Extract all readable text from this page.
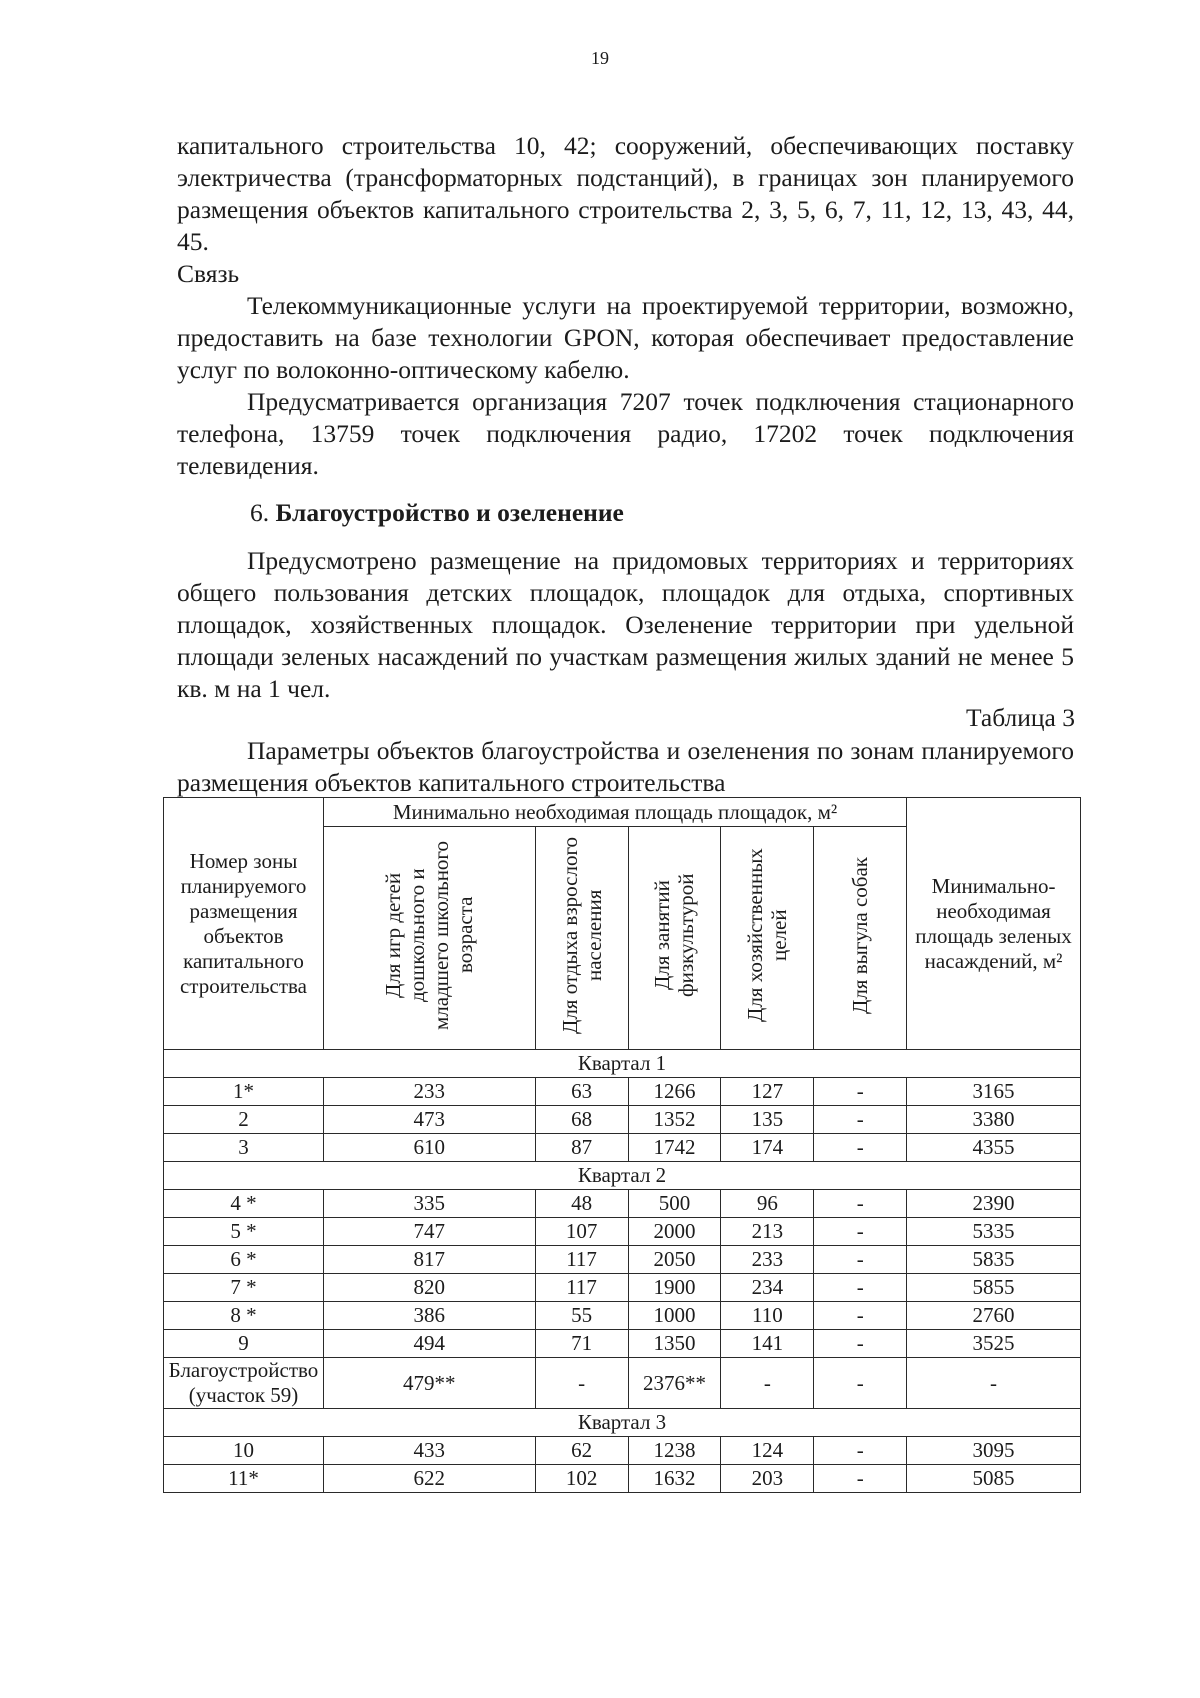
19

капитального строительства 10, 42; сооружений, обеспечивающих поставку электричества (трансформаторных подстанций), в границах зон планируемого размещения объектов капитального строительства 2, 3, 5, 6, 7, 11, 12, 13, 43, 44, 45.

Связь

Телекоммуникационные услуги на проектируемой территории, возможно, предоставить на базе технологии GPON, которая обеспечивает предоставление услуг по волоконно-оптическому кабелю.

Предусматривается организация 7207 точек подключения стационарного телефона, 13759 точек подключения радио, 17202 точек подключения телевидения.

6. Благоустройство и озеленение

Предусмотрено размещение на придомовых территориях и территориях общего пользования детских площадок, площадок для отдыха, спортивных площадок, хозяйственных площадок. Озеленение территории при удельной площади зеленых насаждений по участкам размещения жилых зданий не менее 5 кв. м на 1 чел.

Таблица 3

Параметры объектов благоустройства и озеленения по зонам планируемого размещения объектов капитального строительства

Номер зоны планируемого размещения объектов капитального строительства	Минимально необходимая площадь площадок, м²					Минимально-необходимая площадь зеленых насаждений, м²
	Для игр детей дошкольного и младшего школьного возраста	Для отдыха взрослого населения	Для занятий физкультурой	Для хозяйственных целей	Для выгула собак	
Квартал 1						
1*	233	63	1266	127	-	3165
2	473	68	1352	135	-	3380
3	610	87	1742	174	-	4355
Квартал 2						
4 *	335	48	500	96	-	2390
5 *	747	107	2000	213	-	5335
6 *	817	117	2050	233	-	5835
7 *	820	117	1900	234	-	5855
8 *	386	55	1000	110	-	2760
9	494	71	1350	141	-	3525
Благоустройство (участок 59)	479**	-	2376**	-	-	-
Квартал 3						
10	433	62	1238	124	-	3095
11*	622	102	1632	203	-	5085
